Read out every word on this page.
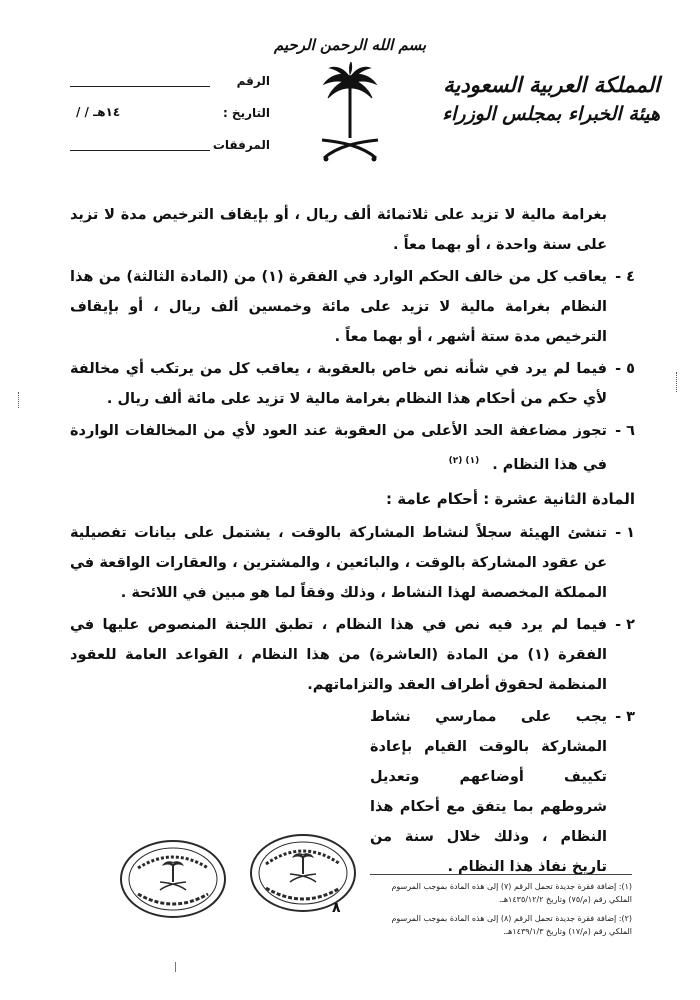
بسم الله الرحمن الرحيم
المملكة العربية السعودية
هيئة الخبراء بمجلس الوزراء
الرقم
التاريخ :
/ / ١٤هـ
المرفقات
بغرامة مالية لا تزيد على ثلاثمائة ألف ريال ، أو بإيقاف الترخيص مدة لا تزيد على سنة واحدة ، أو بهما معاً .
٤ -
يعاقب كل من خالف الحكم الوارد في الفقرة (١) من (المادة الثالثة) من هذا النظام بغرامة مالية لا تزيد على مائة وخمسين ألف ريال ، أو بإيقاف الترخيص مدة ستة أشهر ، أو بهما معاً .
٥ -
فيما لم يرد في شأنه نص خاص بالعقوبة ، يعاقب كل من يرتكب أي مخالفة لأي حكم من أحكام هذا النظام بغرامة مالية لا تزيد على مائة ألف ريال .
٦ -
تجوز مضاعفة الحد الأعلى من العقوبة عند العود لأي من المخالفات الواردة في هذا النظام . $^{(١) (٢)}$
المادة الثانية عشرة : أحكام عامة :
١ -
تنشئ الهيئة سجلاً لنشاط المشاركة بالوقت ، يشتمل على بيانات تفصيلية عن عقود المشاركة بالوقت ، والبائعين ، والمشترين ، والعقارات الواقعة في المملكة المخصصة لهذا النشاط ، وذلك وفقاً لما هو مبين في اللائحة .
٢ -
فيما لم يرد فيه نص في هذا النظام ، تطبق اللجنة المنصوص عليها في الفقرة (١) من المادة (العاشرة) من هذا النظام ، القواعد العامة للعقود المنظمة لحقوق أطراف العقد والتزاماتهم.
٣ -
يجب على ممارسي نشاط المشاركة بالوقت القيام بإعادة تكييف أوضاعهم وتعديل شروطهم بما يتفق مع أحكام هذا النظام ، وذلك خلال سنة من تاريخ نفاذ هذا النظام .

(١): إضافة فقرة جديدة تحمل الرقم (٧) إلى هذه المادة بموجب المرسوم الملكي رقم (م/٧٥) وتاريخ ١٤٣٥/١٢/٢هـ.

(٢): إضافة فقرة جديدة تحمل الرقم (٨) إلى هذه المادة بموجب المرسوم الملكي رقم (م/١٧) وتاريخ ١٤٣٩/١/٣هـ.

٨
